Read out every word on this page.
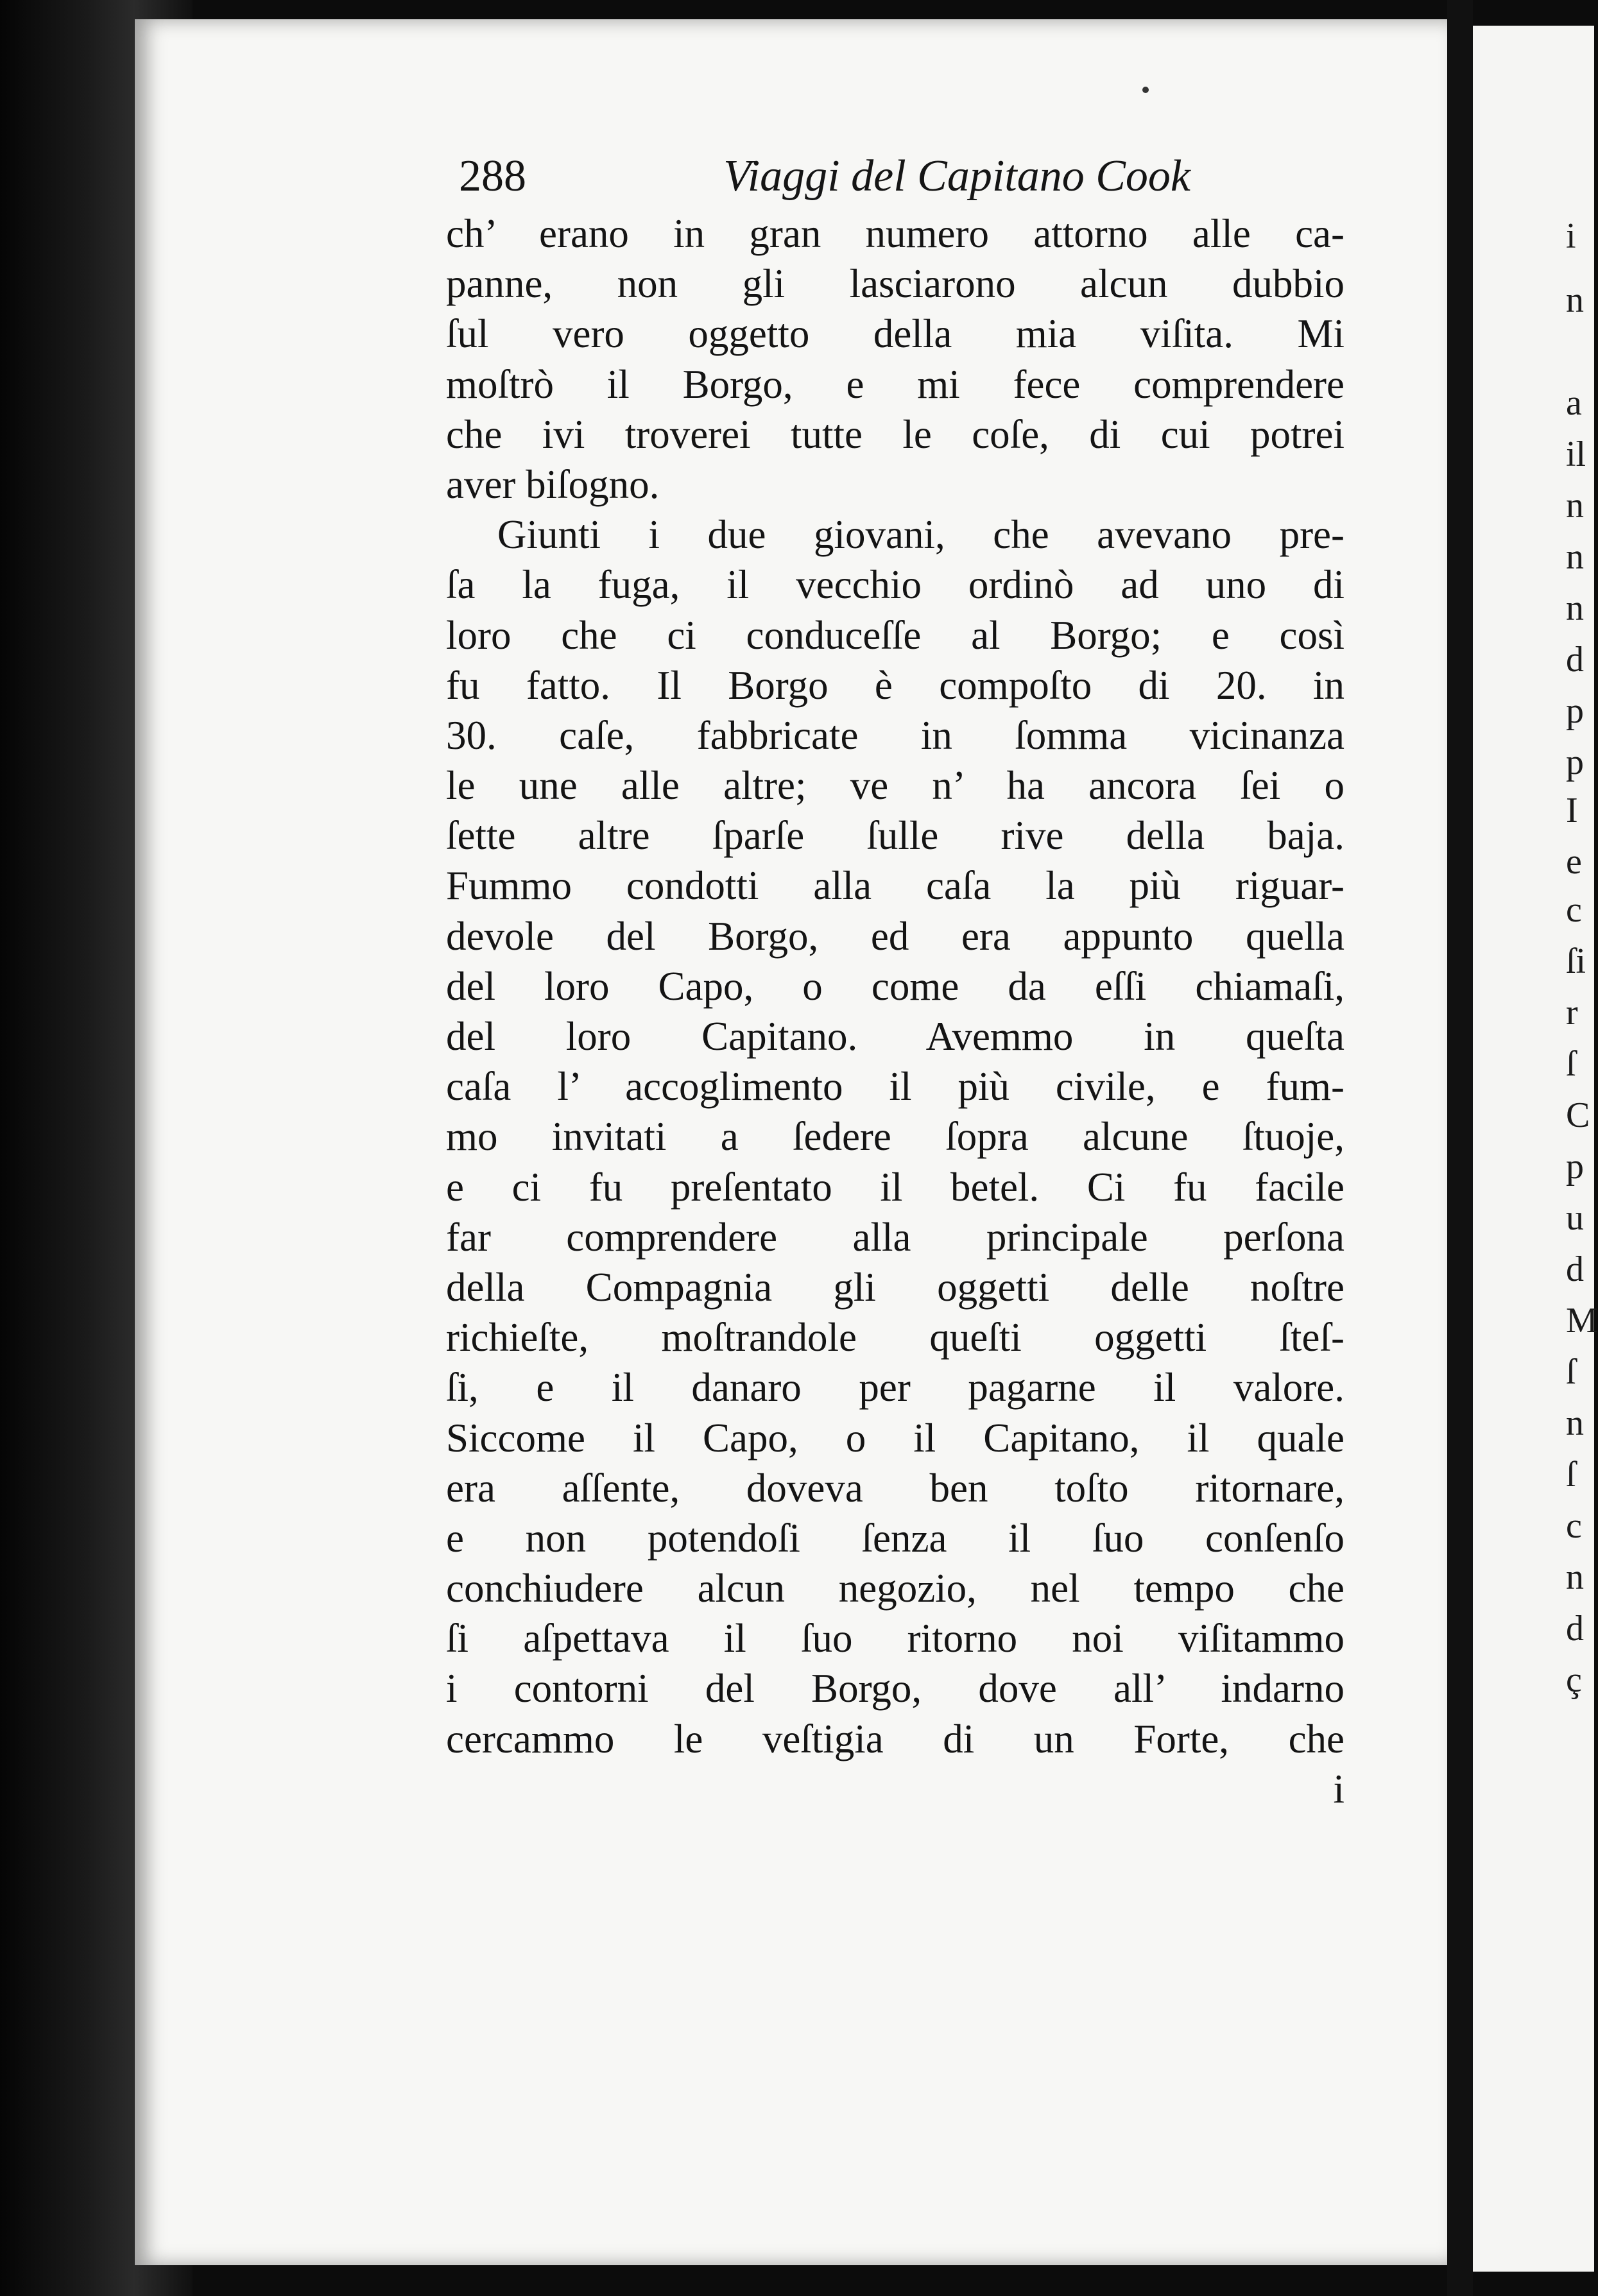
i
n
a
il
n
n
n
d
p
p
I
e
c
ſi
r
ſ
C
p
u
d
M
ſ
n
ſ
c
n
d
ç
288	Viaggi del Capitano Cook
ch’ erano in gran numero attorno alle ca-
panne, non gli lasciarono alcun dubbio
ſul vero oggetto della mia viſita. Mi
moſtrò il Borgo, e mi fece comprendere
che ivi troverei tutte le coſe, di cui potrei
aver biſogno.
Giunti i due giovani, che avevano pre-
ſa la fuga, il vecchio ordinò ad uno di
loro che ci conduceſſe al Borgo; e così
fu fatto. Il Borgo è compoſto di 20. in
30. caſe, fabbricate in ſomma vicinanza
le une alle altre; ve n’ ha ancora ſei o
ſette altre ſparſe ſulle rive della baja.
Fummo condotti alla caſa la più riguar-
devole del Borgo, ed era appunto quella
del loro Capo, o come da eſſi chiamaſi,
del loro Capitano. Avemmo in queſta
caſa l’ accoglimento il più civile, e fum-
mo invitati a ſedere ſopra alcune ſtuoje,
e ci fu preſentato il betel. Ci fu facile
far comprendere alla principale perſona
della Compagnia gli oggetti delle noſtre
richieſte, moſtrandole queſti oggetti ſteſ-
ſi, e il danaro per pagarne il valore.
Siccome il Capo, o il Capitano, il quale
era aſſente, doveva ben toſto ritornare,
e non potendoſi ſenza il ſuo conſenſo
conchiudere alcun negozio, nel tempo che
ſi aſpettava il ſuo ritorno noi viſitammo
i contorni del Borgo, dove all’ indarno
cercammo le veſtigia di un Forte, che
i
